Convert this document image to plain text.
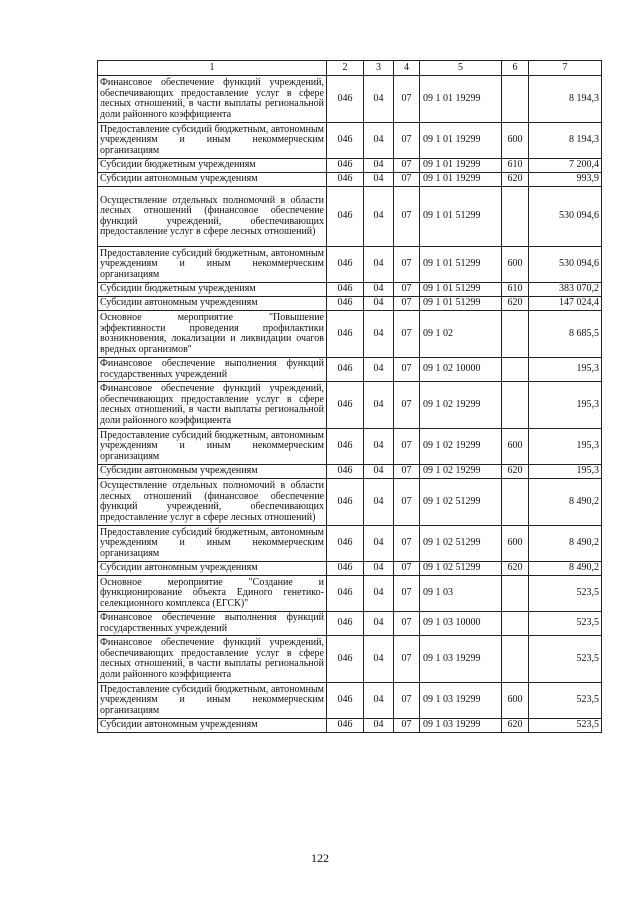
1	2	3	4	5	6	7
Финансовое обеспечение функций учреждений, обеспечивающих предоставление услуг в сфере лесных отношений, в части выплаты региональной доли районного коэффициента	046	04	07	09 1 01 19299		8 194,3
Предоставление субсидий бюджетным, автономным учреждениям и иным некоммерческим организациям	046	04	07	09 1 01 19299	600	8 194,3
Субсидии бюджетным учреждениям	046	04	07	09 1 01 19299	610	7 200,4
Субсидии автономным учреждениям	046	04	07	09 1 01 19299	620	993,9
Осуществление отдельных полномочий в области лесных отношений (финансовое обеспечение функций учреждений, обеспечивающих предоставление услуг в сфере лесных отношений)	046	04	07	09 1 01 51299		530 094,6
Предоставление субсидий бюджетным, автономным учреждениям и иным некоммерческим организациям	046	04	07	09 1 01 51299	600	530 094,6
Субсидии бюджетным учреждениям	046	04	07	09 1 01 51299	610	383 070,2
Субсидии автономным учреждениям	046	04	07	09 1 01 51299	620	147 024,4
Основное мероприятие "Повышение эффективности проведения профилактики возникновения, локализации и ликвидации очагов вредных организмов"	046	04	07	09 1 02		8 685,5
Финансовое обеспечение выполнения функций государственных учреждений	046	04	07	09 1 02 10000		195,3
Финансовое обеспечение функций учреждений, обеспечивающих предоставление услуг в сфере лесных отношений, в части выплаты региональной доли районного коэффициента	046	04	07	09 1 02 19299		195,3
Предоставление субсидий бюджетным, автономным учреждениям и иным некоммерческим организациям	046	04	07	09 1 02 19299	600	195,3
Субсидии автономным учреждениям	046	04	07	09 1 02 19299	620	195,3
Осуществление отдельных полномочий в области лесных отношений (финансовое обеспечение функций учреждений, обеспечивающих предоставление услуг в сфере лесных отношений)	046	04	07	09 1 02 51299		8 490,2
Предоставление субсидий бюджетным, автономным учреждениям и иным некоммерческим организациям	046	04	07	09 1 02 51299	600	8 490,2
Субсидии автономным учреждениям	046	04	07	09 1 02 51299	620	8 490,2
Основное мероприятие "Создание и функционирование объекта Единого генетико-селекционного комплекса (ЕГСК)"	046	04	07	09 1 03		523,5
Финансовое обеспечение выполнения функций государственных учреждений	046	04	07	09 1 03 10000		523,5
Финансовое обеспечение функций учреждений, обеспечивающих предоставление услуг в сфере лесных отношений, в части выплаты региональной доли районного коэффициента	046	04	07	09 1 03 19299		523,5
Предоставление субсидий бюджетным, автономным учреждениям и иным некоммерческим организациям	046	04	07	09 1 03 19299	600	523,5
Субсидии автономным учреждениям	046	04	07	09 1 03 19299	620	523,5
122
